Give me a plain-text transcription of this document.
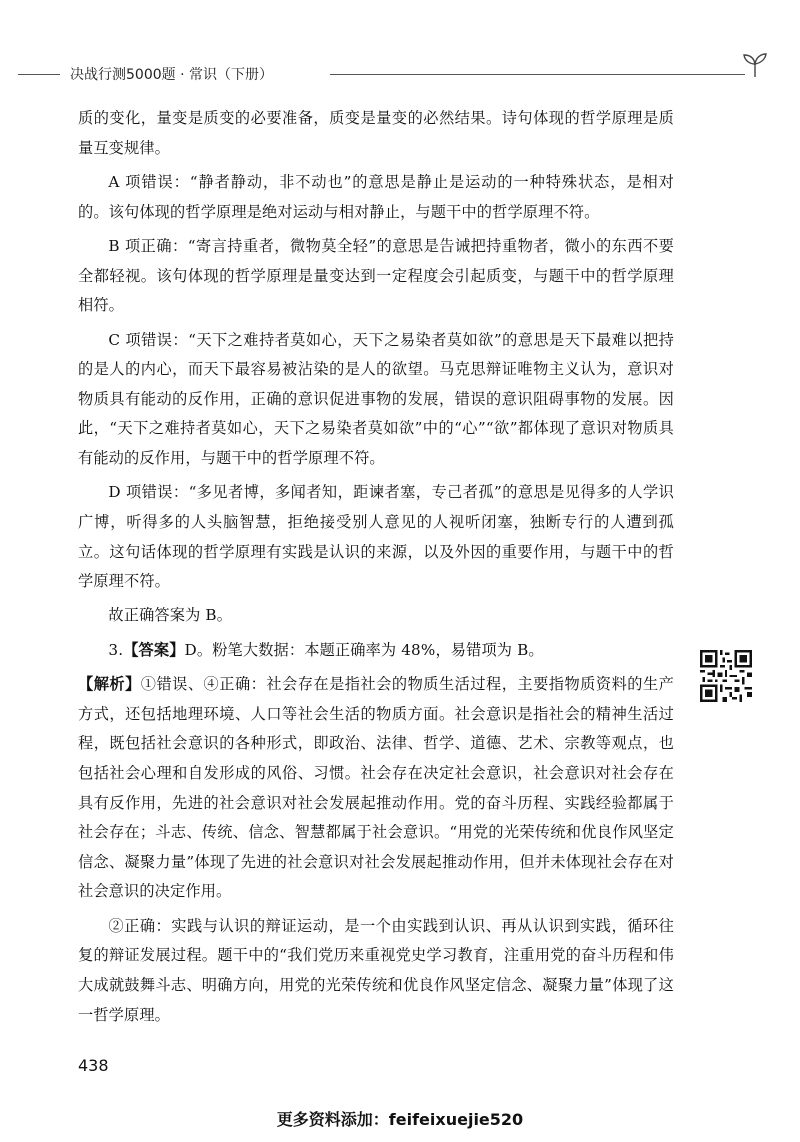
决战行测5000题 · 常识（下册）

质的变化，量变是质变的必要准备，质变是量变的必然结果。诗句体现的哲学原理是质量互变规律。

A 项错误：“静者静动，非不动也”的意思是静止是运动的一种特殊状态，是相对的。该句体现的哲学原理是绝对运动与相对静止，与题干中的哲学原理不符。

B 项正确：“寄言持重者，微物莫全轻”的意思是告诫把持重物者，微小的东西不要全都轻视。该句体现的哲学原理是量变达到一定程度会引起质变，与题干中的哲学原理相符。

C 项错误：“天下之难持者莫如心，天下之易染者莫如欲”的意思是天下最难以把持的是人的内心，而天下最容易被沾染的是人的欲望。马克思辩证唯物主义认为，意识对物质具有能动的反作用，正确的意识促进事物的发展，错误的意识阻碍事物的发展。因此，“天下之难持者莫如心，天下之易染者莫如欲”中的“心”“欲”都体现了意识对物质具有能动的反作用，与题干中的哲学原理不符。

D 项错误：“多见者博，多闻者知，距谏者塞，专己者孤”的意思是见得多的人学识广博，听得多的人头脑智慧，拒绝接受别人意见的人视听闭塞，独断专行的人遭到孤立。这句话体现的哲学原理有实践是认识的来源，以及外因的重要作用，与题干中的哲学原理不符。

故正确答案为 B。

3.【答案】D。粉笔大数据：本题正确率为 48%，易错项为 B。

【解析】①错误、④正确：社会存在是指社会的物质生活过程，主要指物质资料的生产方式，还包括地理环境、人口等社会生活的物质方面。社会意识是指社会的精神生活过程，既包括社会意识的各种形式，即政治、法律、哲学、道德、艺术、宗教等观点，也包括社会心理和自发形成的风俗、习惯。社会存在决定社会意识，社会意识对社会存在具有反作用，先进的社会意识对社会发展起推动作用。党的奋斗历程、实践经验都属于社会存在；斗志、传统、信念、智慧都属于社会意识。“用党的光荣传统和优良作风坚定信念、凝聚力量”体现了先进的社会意识对社会发展起推动作用，但并未体现社会存在对社会意识的决定作用。

②正确：实践与认识的辩证运动，是一个由实践到认识、再从认识到实践，循环往复的辩证发展过程。题干中的“我们党历来重视党史学习教育，注重用党的奋斗历程和伟大成就鼓舞斗志、明确方向，用党的光荣传统和优良作风坚定信念、凝聚力量”体现了这一哲学原理。

438
更多资料添加：feifeixuejie520
